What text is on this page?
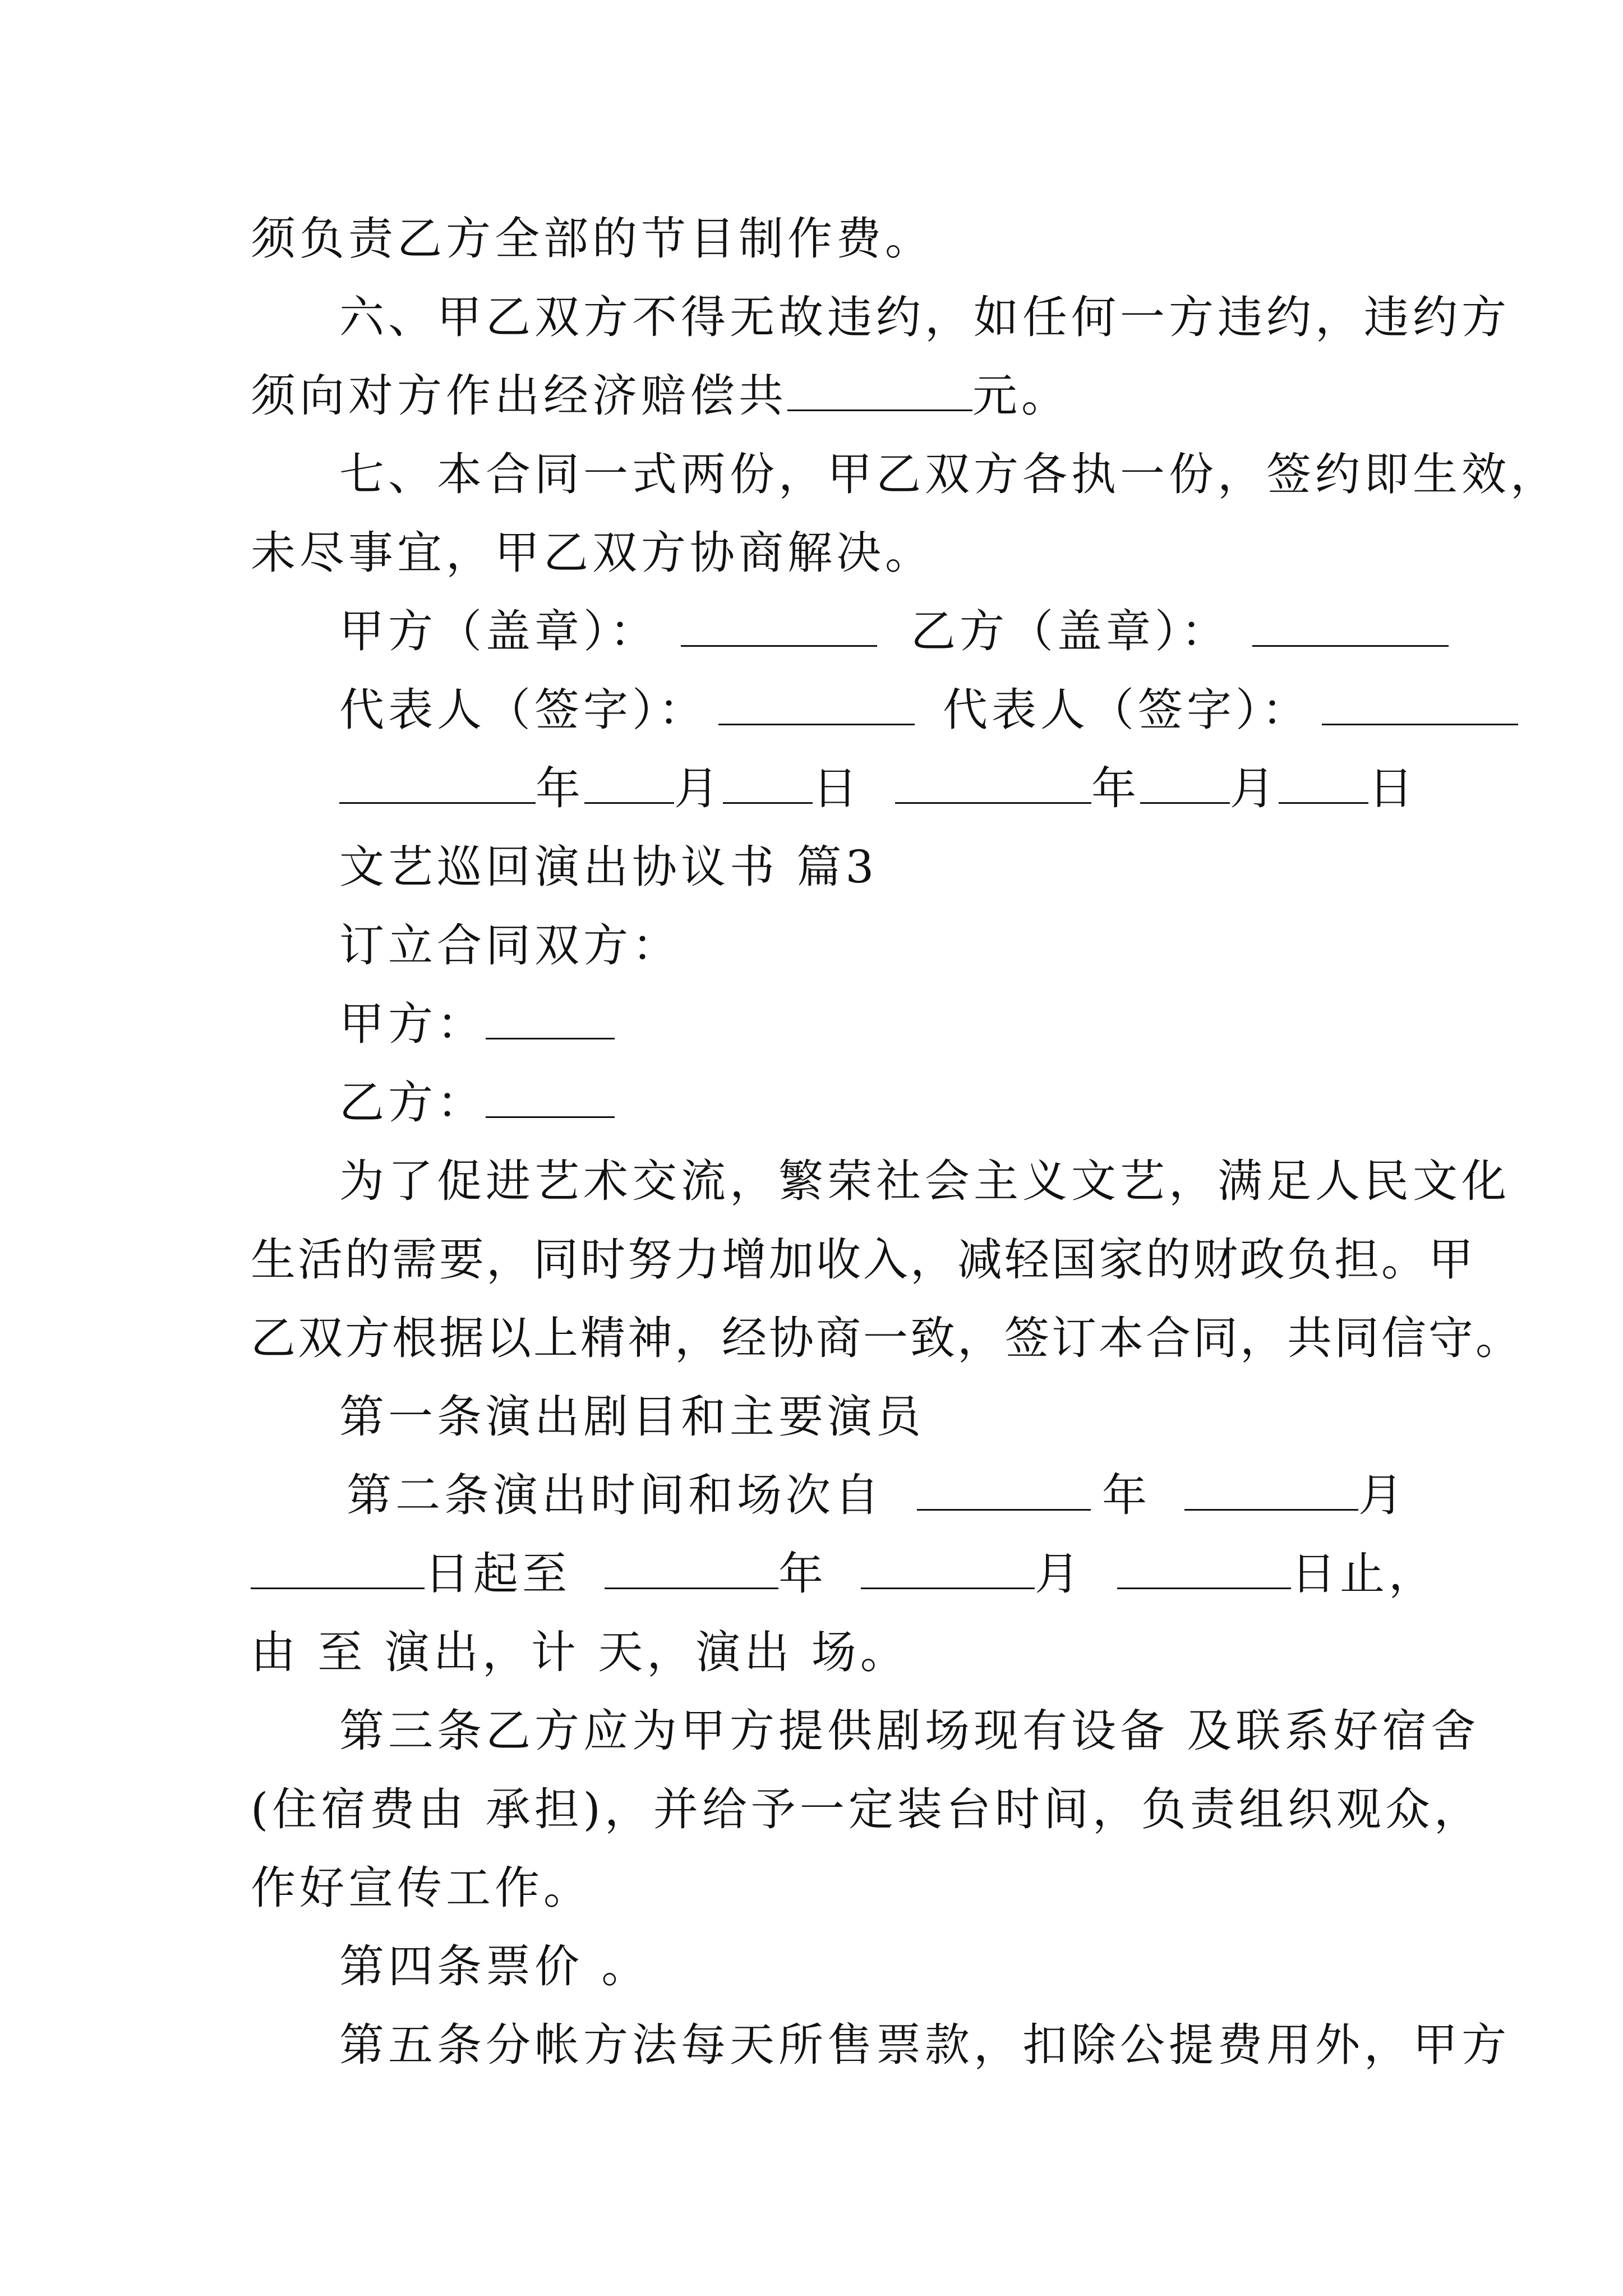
须负责乙方全部的节目制作费。
六、甲乙双方不得无故违约，如任何一方违约，违约方
须向对方作出经济赔偿共	元。
七、本合同一式两份，甲乙双方各执一份，签约即生效，
未尽事宜，甲乙双方协商解决。
甲方（盖章）：	乙方（盖章）：
代表人（签字）：	代表人（签字）：
年 月 日	年 月 日
文艺巡回演出协议书 篇3
订立合同双方：
甲方：
乙方：
为了促进艺术交流，繁荣社会主义文艺，满足人民文化
生活的需要，同时努力增加收入，减轻国家的财政负担。甲
乙双方根据以上精神，经协商一致，签订本合同，共同信守。
第一条演出剧目和主要演员
第二条演出时间和场次自	年	月
日起至	年	月	日止，
由 至 演出，计 天，演出 场。
第三条乙方应为甲方提供剧场现有设备 及联系好宿舍
(住宿费由 承担)，并给予一定装台时间，负责组织观众，
作好宣传工作。
第四条票价 。
第五条分帐方法每天所售票款，扣除公提费用外，甲方
